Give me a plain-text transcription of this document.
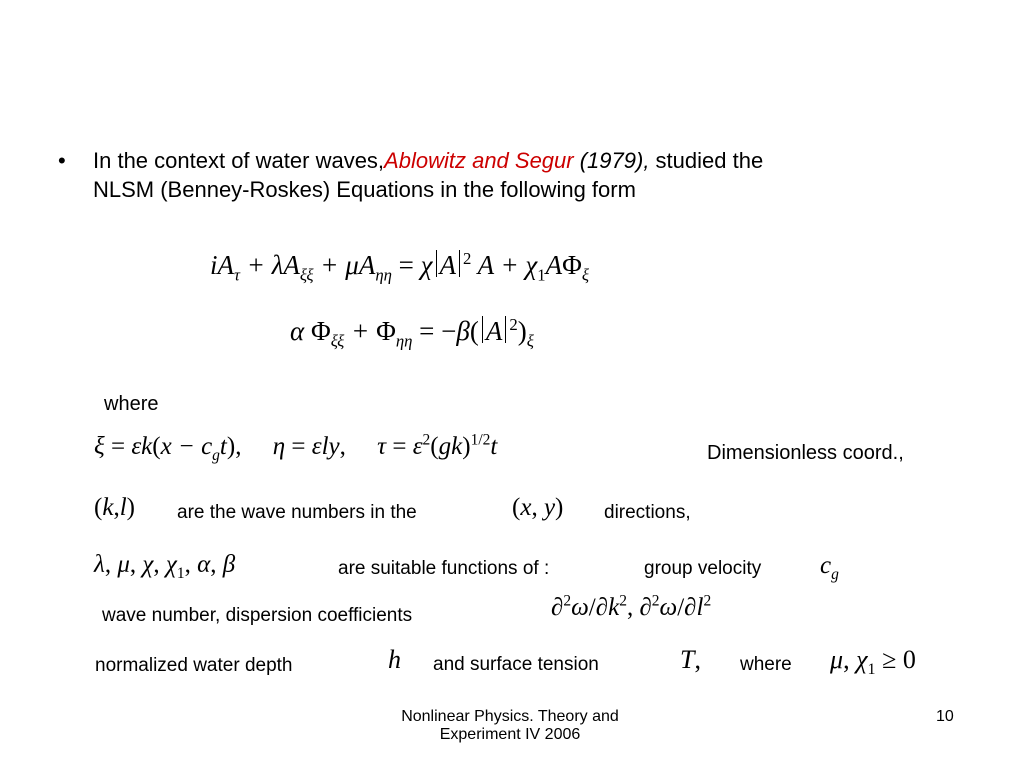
• In the context of water waves,Ablowitz and Segur (1979), studied the
NLSM (Benney-Roskes) Equations in the following form
$iA_\tau + \lambda A_{\xi\xi} + \mu A_{\eta\eta} = \chi$ A $^2$ $A + \chi_1A\Phi_\xi$
α $\Phi_{\xi\xi} + \Phi_{\eta\eta} = -\beta$( A $^2)_\xi$
where
$\xi = \varepsilon k(x - c_gt)$,     η = εly,     $\tau = \varepsilon^2(gk)^{1/2}t$	Dimensionless coord.,
(k,l) are the wave numbers in the	(x, y) directions,
λ, μ, χ, $\chi_1$, α, β	are suitable functions of :	group velocity $c_g$
wave number, dispersion coefficients	$\partial^2\omega/\partial k^2$, $\partial^2\omega/\partial l^2$
normalized water depth	h and surface tension	T, where μ, $\chi_1 \ge 0$
Nonlinear Physics. Theory and
Experiment IV 2006
10
